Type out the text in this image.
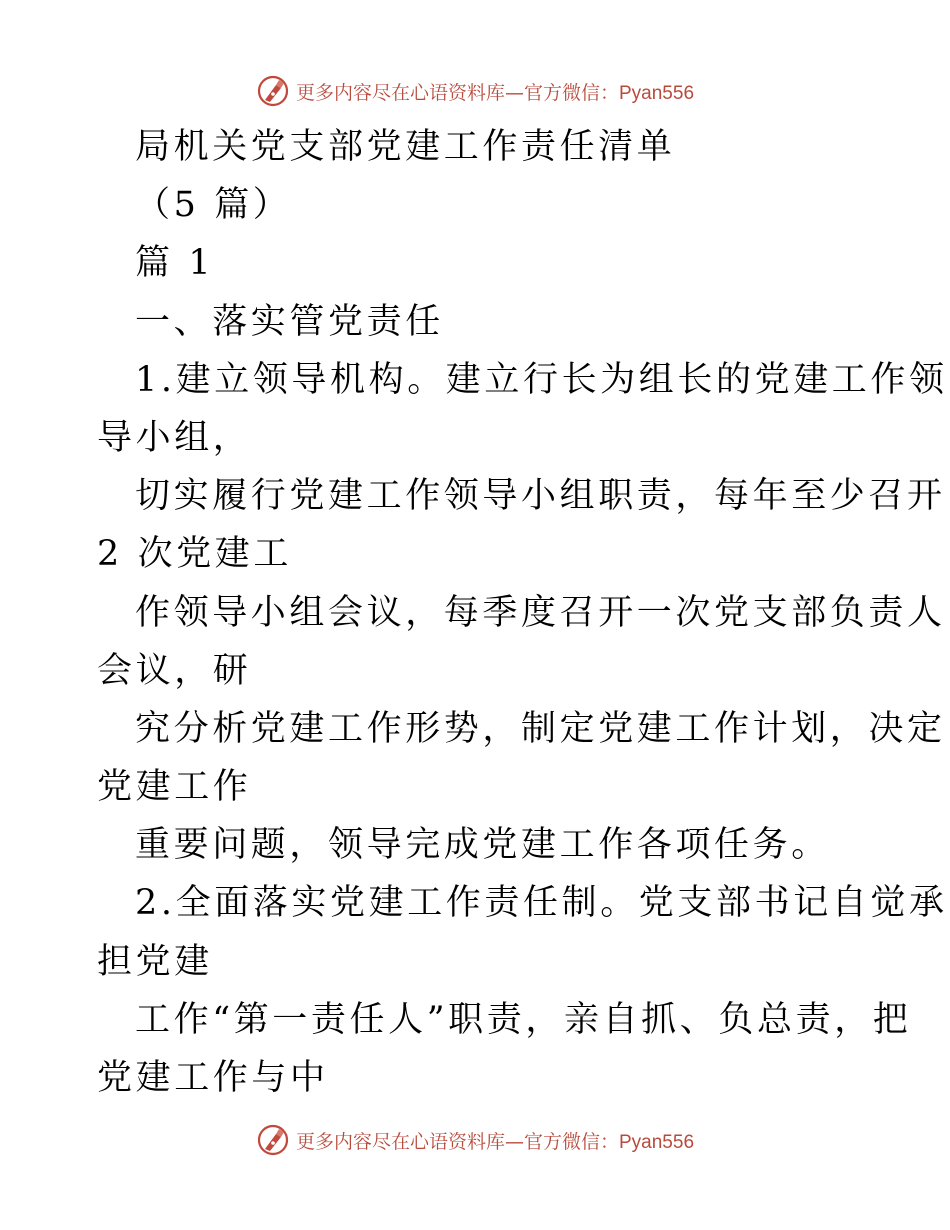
更多内容尽在心语资料库—官方微信：Pyan556
局机关党支部党建工作责任清单
（5 篇）
篇 1
一、落实管党责任
1.建立领导机构。建立行长为组长的党建工作领
导小组，
切实履行党建工作领导小组职责，每年至少召开
2 次党建工
作领导小组会议，每季度召开一次党支部负责人
会议，研
究分析党建工作形势，制定党建工作计划，决定
党建工作
重要问题，领导完成党建工作各项任务。
2.全面落实党建工作责任制。党支部书记自觉承
担党建
工作“第一责任人”职责，亲自抓、负总责，把
党建工作与中
更多内容尽在心语资料库—官方微信：Pyan556
